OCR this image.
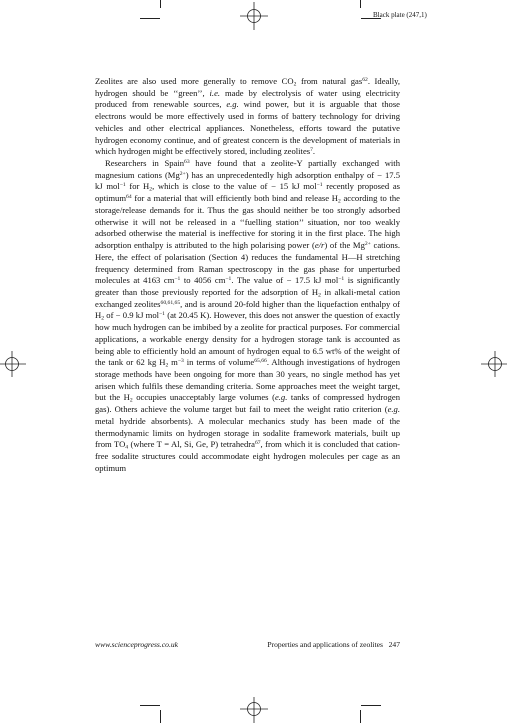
Black plate (247,1)

Zeolites are also used more generally to remove $CO_2$ from natural gas$^{62}$. Ideally, hydrogen should be ‘‘green’’, i.e. made by electrolysis of water using electricity produced from renewable sources, e.g. wind power, but it is arguable that those electrons would be more effectively used in forms of battery technology for driving vehicles and other electrical appliances. Nonetheless, efforts toward the putative hydrogen economy continue, and of greatest concern is the development of materials in which hydrogen might be effectively stored, including zeolites$^7$.

Researchers in Spain$^{63}$ have found that a zeolite-Y partially exchanged with magnesium cations $(Mg^{2+})$ has an unprecedentedly high adsorption enthalpy of − 17.5 kJ mol$^{-1}$ for $H_2$, which is close to the value of − 15 kJ mol$^{-1}$ recently proposed as optimum$^{64}$ for a material that will efficiently both bind and release $H_2$ according to the storage/release demands for it. Thus the gas should neither be too strongly adsorbed otherwise it will not be released in a ‘‘fuelling station’’ situation, nor too weakly adsorbed otherwise the material is ineffective for storing it in the first place. The high adsorption enthalpy is attributed to the high polarising power (e/r) of the $Mg^{2+}$ cations. Here, the effect of polarisation (Section 4) reduces the fundamental H—H stretching frequency determined from Raman spectroscopy in the gas phase for unperturbed molecules at 4163 $cm^{-1}$ to 4056 $cm^{-1}$. The value of − 17.5 kJ mol$^{-1}$ is significantly greater than those previously reported for the adsorption of $H_2$ in alkali-metal cation exchanged zeolites$^{60,61,65}$, and is around 20-fold higher than the liquefaction enthalpy of $H_2$ of − 0.9 kJ mol$^{-1}$ (at 20.45 K). However, this does not answer the question of exactly how much hydrogen can be imbibed by a zeolite for practical purposes. For commercial applications, a workable energy density for a hydrogen storage tank is accounted as being able to efficiently hold an amount of hydrogen equal to 6.5 wt% of the weight of the tank or 62 kg $H_2$ $m^{-3}$ in terms of volume$^{65,66}$. Although investigations of hydrogen storage methods have been ongoing for more than 30 years, no single method has yet arisen which fulfils these demanding criteria. Some approaches meet the weight target, but the $H_2$ occupies unacceptably large volumes (e.g. tanks of compressed hydrogen gas). Others achieve the volume target but fail to meet the weight ratio criterion (e.g. metal hydride absorbents). A molecular mechanics study has been made of the thermodynamic limits on hydrogen storage in sodalite framework materials, built up from $TO_4$ (where T = Al, Si, Ge, P) tetrahedra$^{67}$, from which it is concluded that cation-free sodalite structures could accommodate eight hydrogen molecules per cage as an optimum

www.scienceprogress.co.uk	Properties and applications of zeolites 247
